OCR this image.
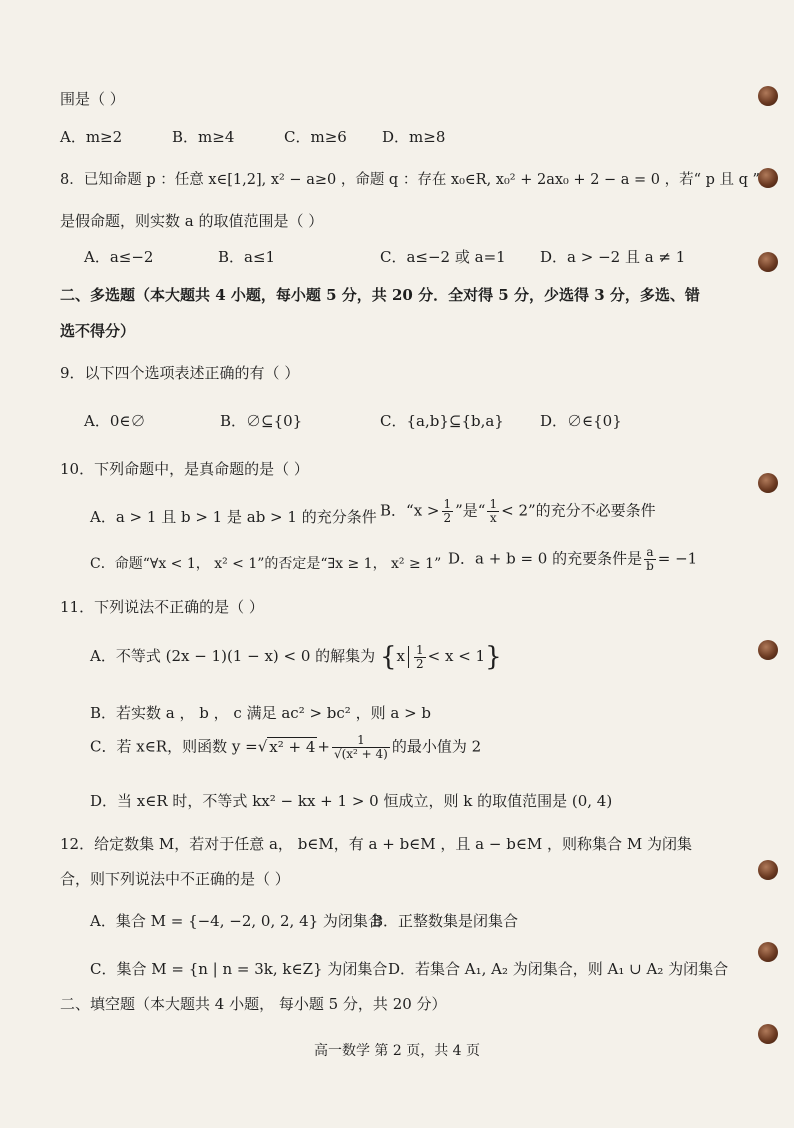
围是（ ）
A．m≥2	B．m≥4	C．m≥6 D．m≥8
8．已知命题 p ：任意 x∈[1,2], x² − a≥0 ，命题 q ：存在 x₀∈R, x₀² + 2ax₀ + 2 − a = 0 ，若“ p 且 q ”
是假命题，则实数 a 的取值范围是（ ）
A．a≤−2	B．a≤1	C．a≤−2 或 a=1 D．a > −2 且 a ≠ 1
二、多选题（本大题共 4 小题，每小题 5 分，共 20 分．全对得 5 分，少选得 3 分，多选、错
选不得分）
9．以下四个选项表述正确的有（ ）
A．0∈∅	B．∅⊆{0}	C．{a,b}⊆{b,a} D．∅∈{0}
10．下列命题中，是真命题的是（ ）
A．a > 1 且 b > 1 是 ab > 1 的充分条件 B．“$x > \frac{1}{2}$ ”是“ $\frac{1}{x} < 2$”的充分不必要条件
C．命题“∀x < 1， x² < 1”的否定是“∃x ≥ 1， x² ≥ 1” D．a + b = 0 的充要条件是 $\frac{a}{b} = -1$
11．下列说法不正确的是（ ）
A．不等式 (2x − 1)(1 − x) < 0 的解集为 $\{x \frac{1}{2} < x < 1\}$
B．若实数 a ， b ， c 满足 ac² > bc² ，则 a > b
C．若 x∈R，则函数 y =√ $x^2 + 4 + \frac{1}{\text{√(x² + 4)}}$ 的最小值为 2
D．当 x∈R 时，不等式 kx² − kx + 1 > 0 恒成立，则 k 的取值范围是 (0, 4)
12．给定数集 M，若对于任意 a， b∈M，有 a + b∈M ，且 a − b∈M ，则称集合 M 为闭集
合，则下列说法中不正确的是（ ）
A．集合 M = {−4, −2, 0, 2, 4} 为闭集合
B．正整数集是闭集合
C．集合 M = {n | n = 3k, k∈Z} 为闭集合 D．若集合 A₁, A₂ 为闭集合，则 A₁ ∪ A₂ 为闭集合
二、填空题（本大题共 4 小题， 每小题 5 分，共 20 分）
高一数学 第 2 页，共 4 页
